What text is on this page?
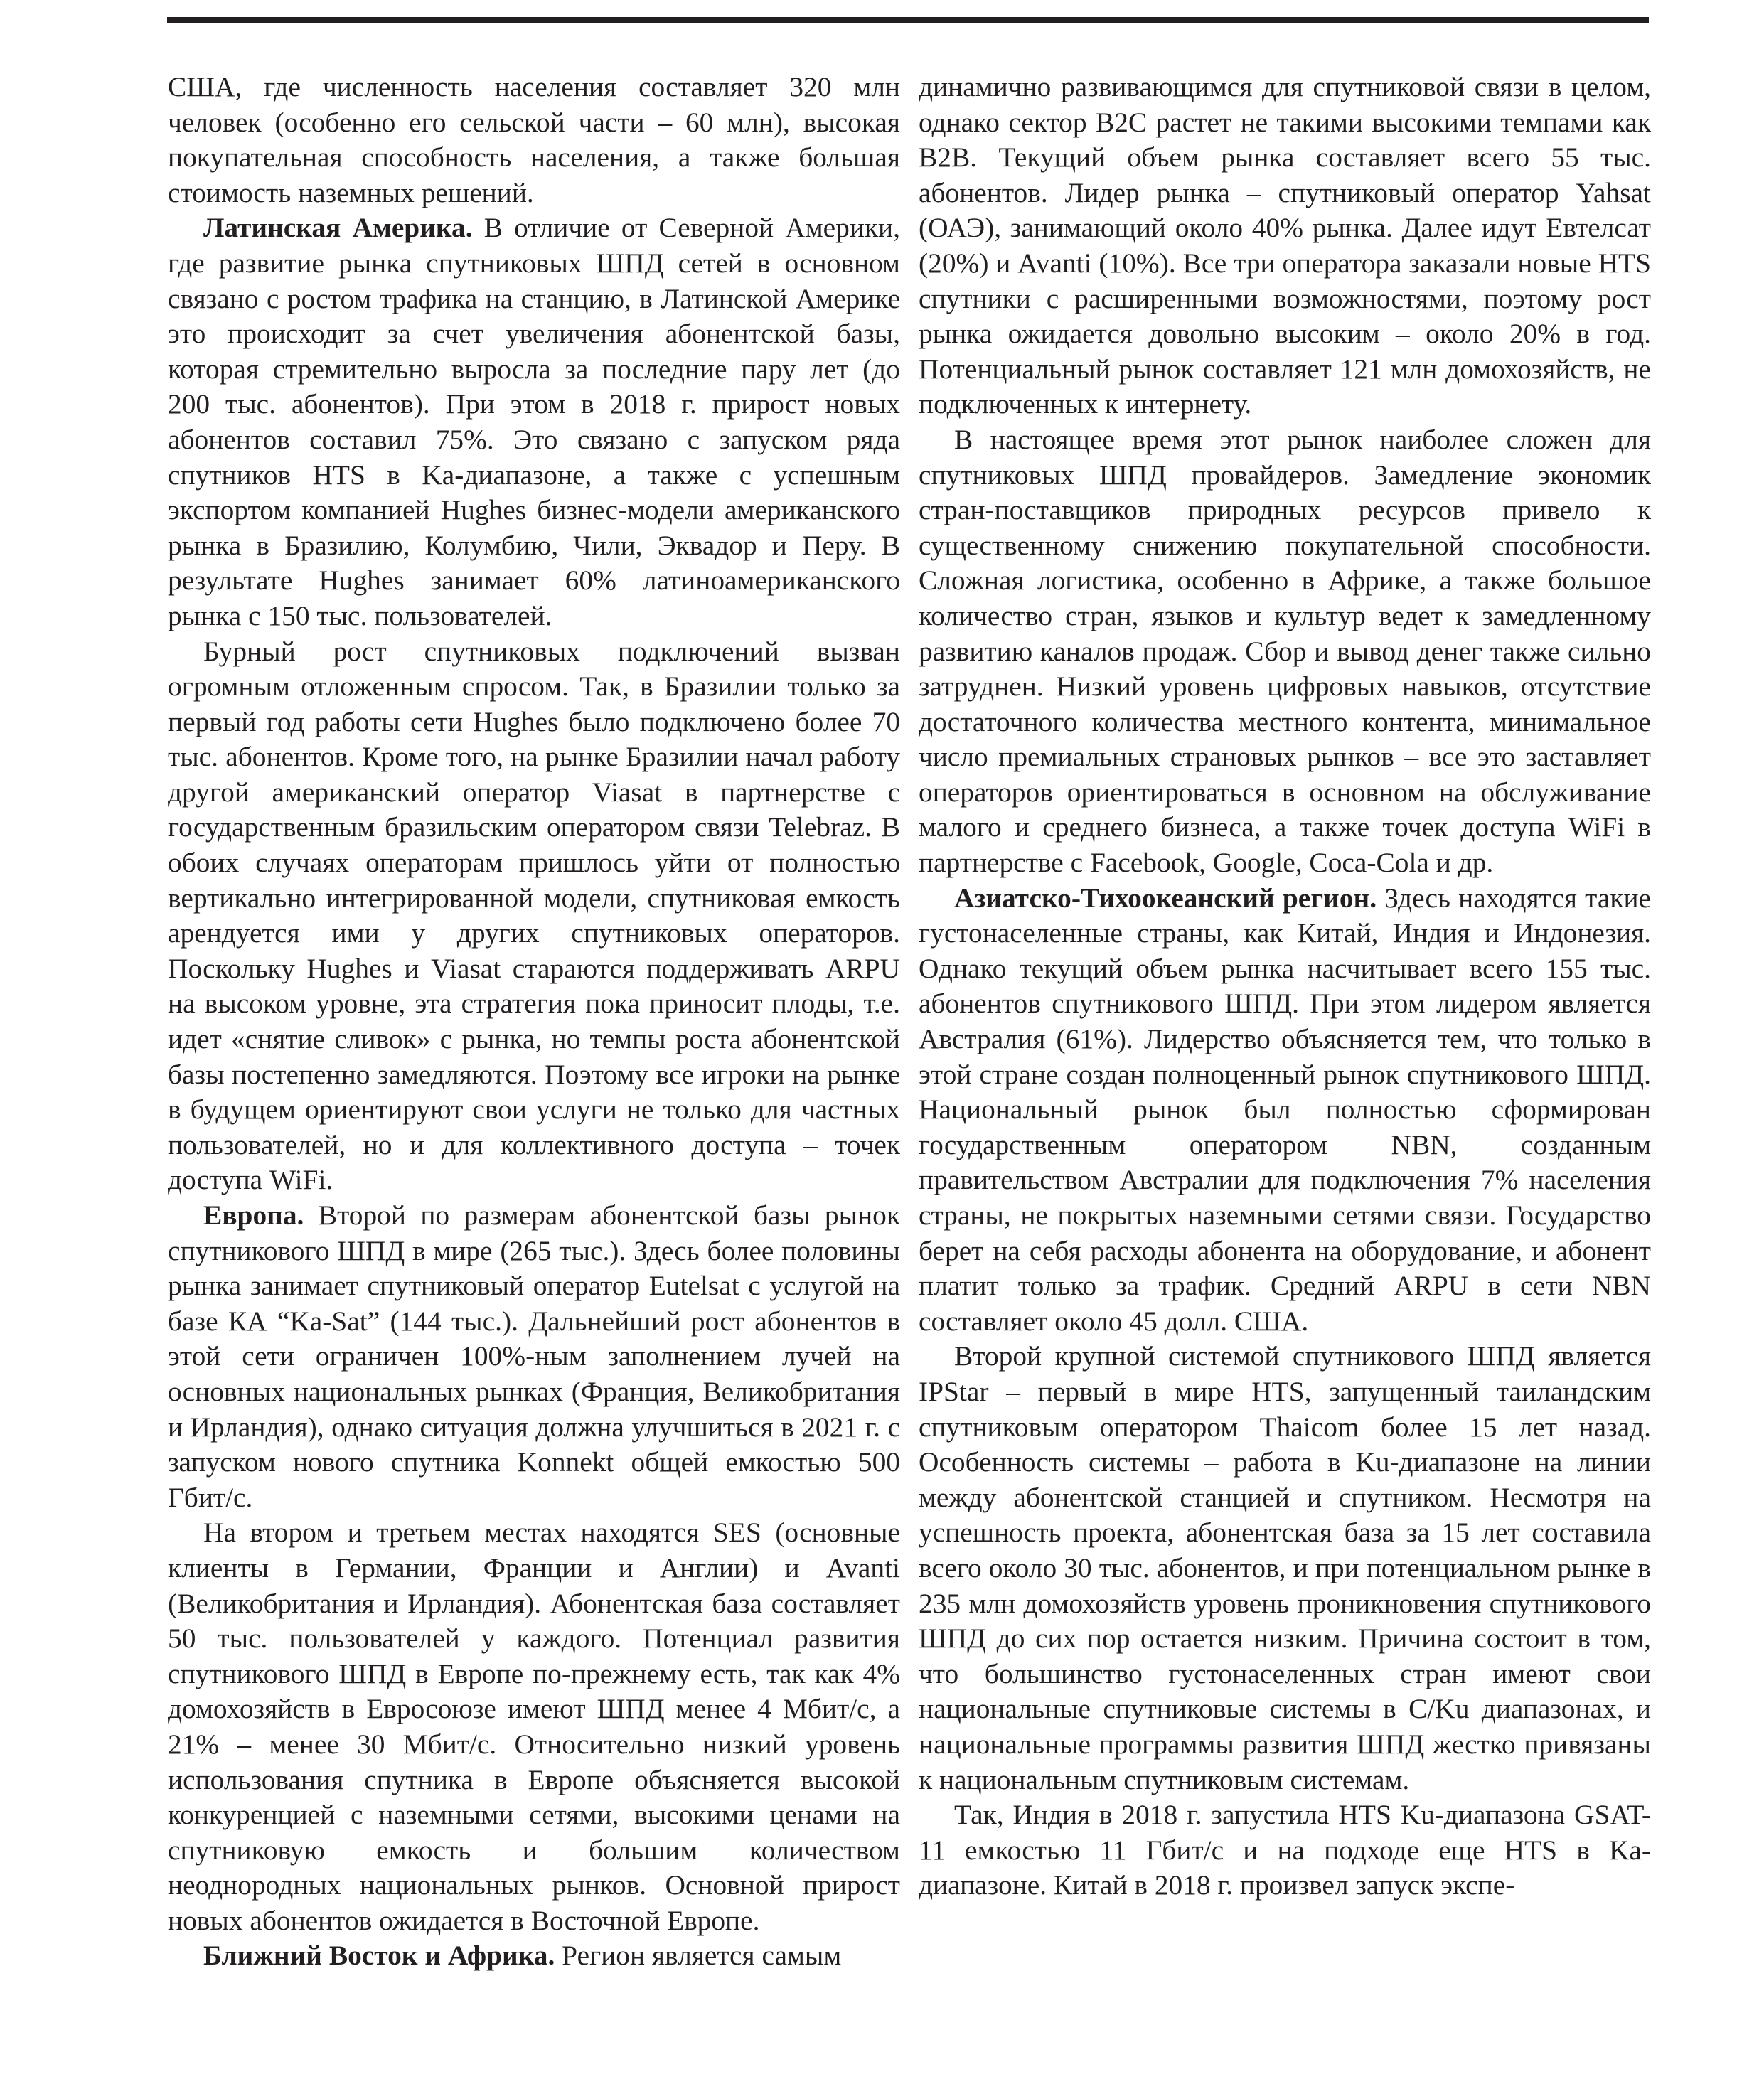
США, где численность населения составляет 320 млн человек (особенно его сельской части – 60 млн), высокая покупательная способность населения, а также большая стоимость наземных решений.

Латинская Америка. В отличие от Северной Америки, где развитие рынка спутниковых ШПД сетей в основном связано с ростом трафика на станцию, в Латинской Америке это происходит за счет увеличения абонентской базы, которая стремительно выросла за последние пару лет (до 200 тыс. абонентов). При этом в 2018 г. прирост новых абонентов составил 75%. Это связано с запуском ряда спутников HTS в Ka-диапазоне, а также с успешным экспортом компанией Hughes бизнес-модели американского рынка в Бразилию, Колумбию, Чили, Эквадор и Перу. В результате Hughes занимает 60% латиноамериканского рынка с 150 тыс. пользователей.

Бурный рост спутниковых подключений вызван огромным отложенным спросом. Так, в Бразилии только за первый год работы сети Hughes было подключено более 70 тыс. абонентов. Кроме того, на рынке Бразилии начал работу другой американский оператор Viasat в партнерстве с государственным бразильским оператором связи Telebraz. В обоих случаях операторам пришлось уйти от полностью вертикально интегрированной модели, спутниковая емкость арендуется ими у других спутниковых операторов. Поскольку Hughes и Viasat стараются поддерживать ARPU на высоком уровне, эта стратегия пока приносит плоды, т.е. идет «снятие сливок» с рынка, но темпы роста абонентской базы постепенно замедляются. Поэтому все игроки на рынке в будущем ориентируют свои услуги не только для частных пользователей, но и для коллективного доступа – точек доступа WiFi.

Европа. Второй по размерам абонентской базы рынок спутникового ШПД в мире (265 тыс.). Здесь более половины рынка занимает спутниковый оператор Eutelsat с услугой на базе КА “Ka-Sat” (144 тыс.). Дальнейший рост абонентов в этой сети ограничен 100%-ным заполнением лучей на основных национальных рынках (Франция, Великобритания и Ирландия), однако ситуация должна улучшиться в 2021 г. с запуском нового спутника Konnekt общей емкостью 500 Гбит/с.

На втором и третьем местах находятся SES (основные клиенты в Германии, Франции и Англии) и Avanti (Великобритания и Ирландия). Абонентская база составляет 50 тыс. пользователей у каждого. Потенциал развития спутникового ШПД в Европе по-прежнему есть, так как 4% домохозяйств в Евросоюзе имеют ШПД менее 4 Мбит/с, а 21% – менее 30 Мбит/с. Относительно низкий уровень использования спутника в Европе объясняется высокой конкуренцией с наземными сетями, высокими ценами на спутниковую емкость и большим количеством неоднородных национальных рынков. Основной прирост новых абонентов ожидается в Восточной Европе.

Ближний Восток и Африка. Регион является самым

динамично развивающимся для спутниковой связи в целом, однако сектор B2C растет не такими высокими темпами как B2B. Текущий объем рынка составляет всего 55 тыс. абонентов. Лидер рынка – спутниковый оператор Yahsat (ОАЭ), занимающий около 40% рынка. Далее идут Евтелсат (20%) и Avanti (10%). Все три оператора заказали новые HTS спутники с расширенными возможностями, поэтому рост рынка ожидается довольно высоким – около 20% в год. Потенциальный рынок составляет 121 млн домохозяйств, не подключенных к интернету.

В настоящее время этот рынок наиболее сложен для спутниковых ШПД провайдеров. Замедление экономик стран-поставщиков природных ресурсов привело к существенному снижению покупательной способности. Сложная логистика, особенно в Африке, а также большое количество стран, языков и культур ведет к замедленному развитию каналов продаж. Сбор и вывод денег также сильно затруднен. Низкий уровень цифровых навыков, отсутствие достаточного количества местного контента, минимальное число премиальных страновых рынков – все это заставляет операторов ориентироваться в основном на обслуживание малого и среднего бизнеса, а также точек доступа WiFi в партнерстве с Facebook, Google, Coca-Cola и др.

Азиатско-Тихоокеанский регион. Здесь находятся такие густонаселенные страны, как Китай, Индия и Индонезия. Однако текущий объем рынка насчитывает всего 155 тыс. абонентов спутникового ШПД. При этом лидером является Австралия (61%). Лидерство объясняется тем, что только в этой стране создан полноценный рынок спутникового ШПД. Национальный рынок был полностью сформирован государственным оператором NBN, созданным правительством Австралии для подключения 7% населения страны, не покрытых наземными сетями связи. Государство берет на себя расходы абонента на оборудование, и абонент платит только за трафик. Средний ARPU в сети NBN составляет около 45 долл. США.

Второй крупной системой спутникового ШПД является IPStar – первый в мире HTS, запущенный таиландским спутниковым оператором Thaicom более 15 лет назад. Особенность системы – работа в Ku-диапазоне на линии между абонентской станцией и спутником. Несмотря на успешность проекта, абонентская база за 15 лет составила всего около 30 тыс. абонентов, и при потенциальном рынке в 235 млн домохозяйств уровень проникновения спутникового ШПД до сих пор остается низким. Причина состоит в том, что большинство густонаселенных стран имеют свои национальные спутниковые системы в C/Ku диапазонах, и национальные программы развития ШПД жестко привязаны к национальным спутниковым системам.

Так, Индия в 2018 г. запустила HTS Ku-диапазона GSAT-11 емкостью 11 Гбит/с и на подходе еще HTS в Ka-диапазоне. Китай в 2018 г. произвел запуск экспе-
